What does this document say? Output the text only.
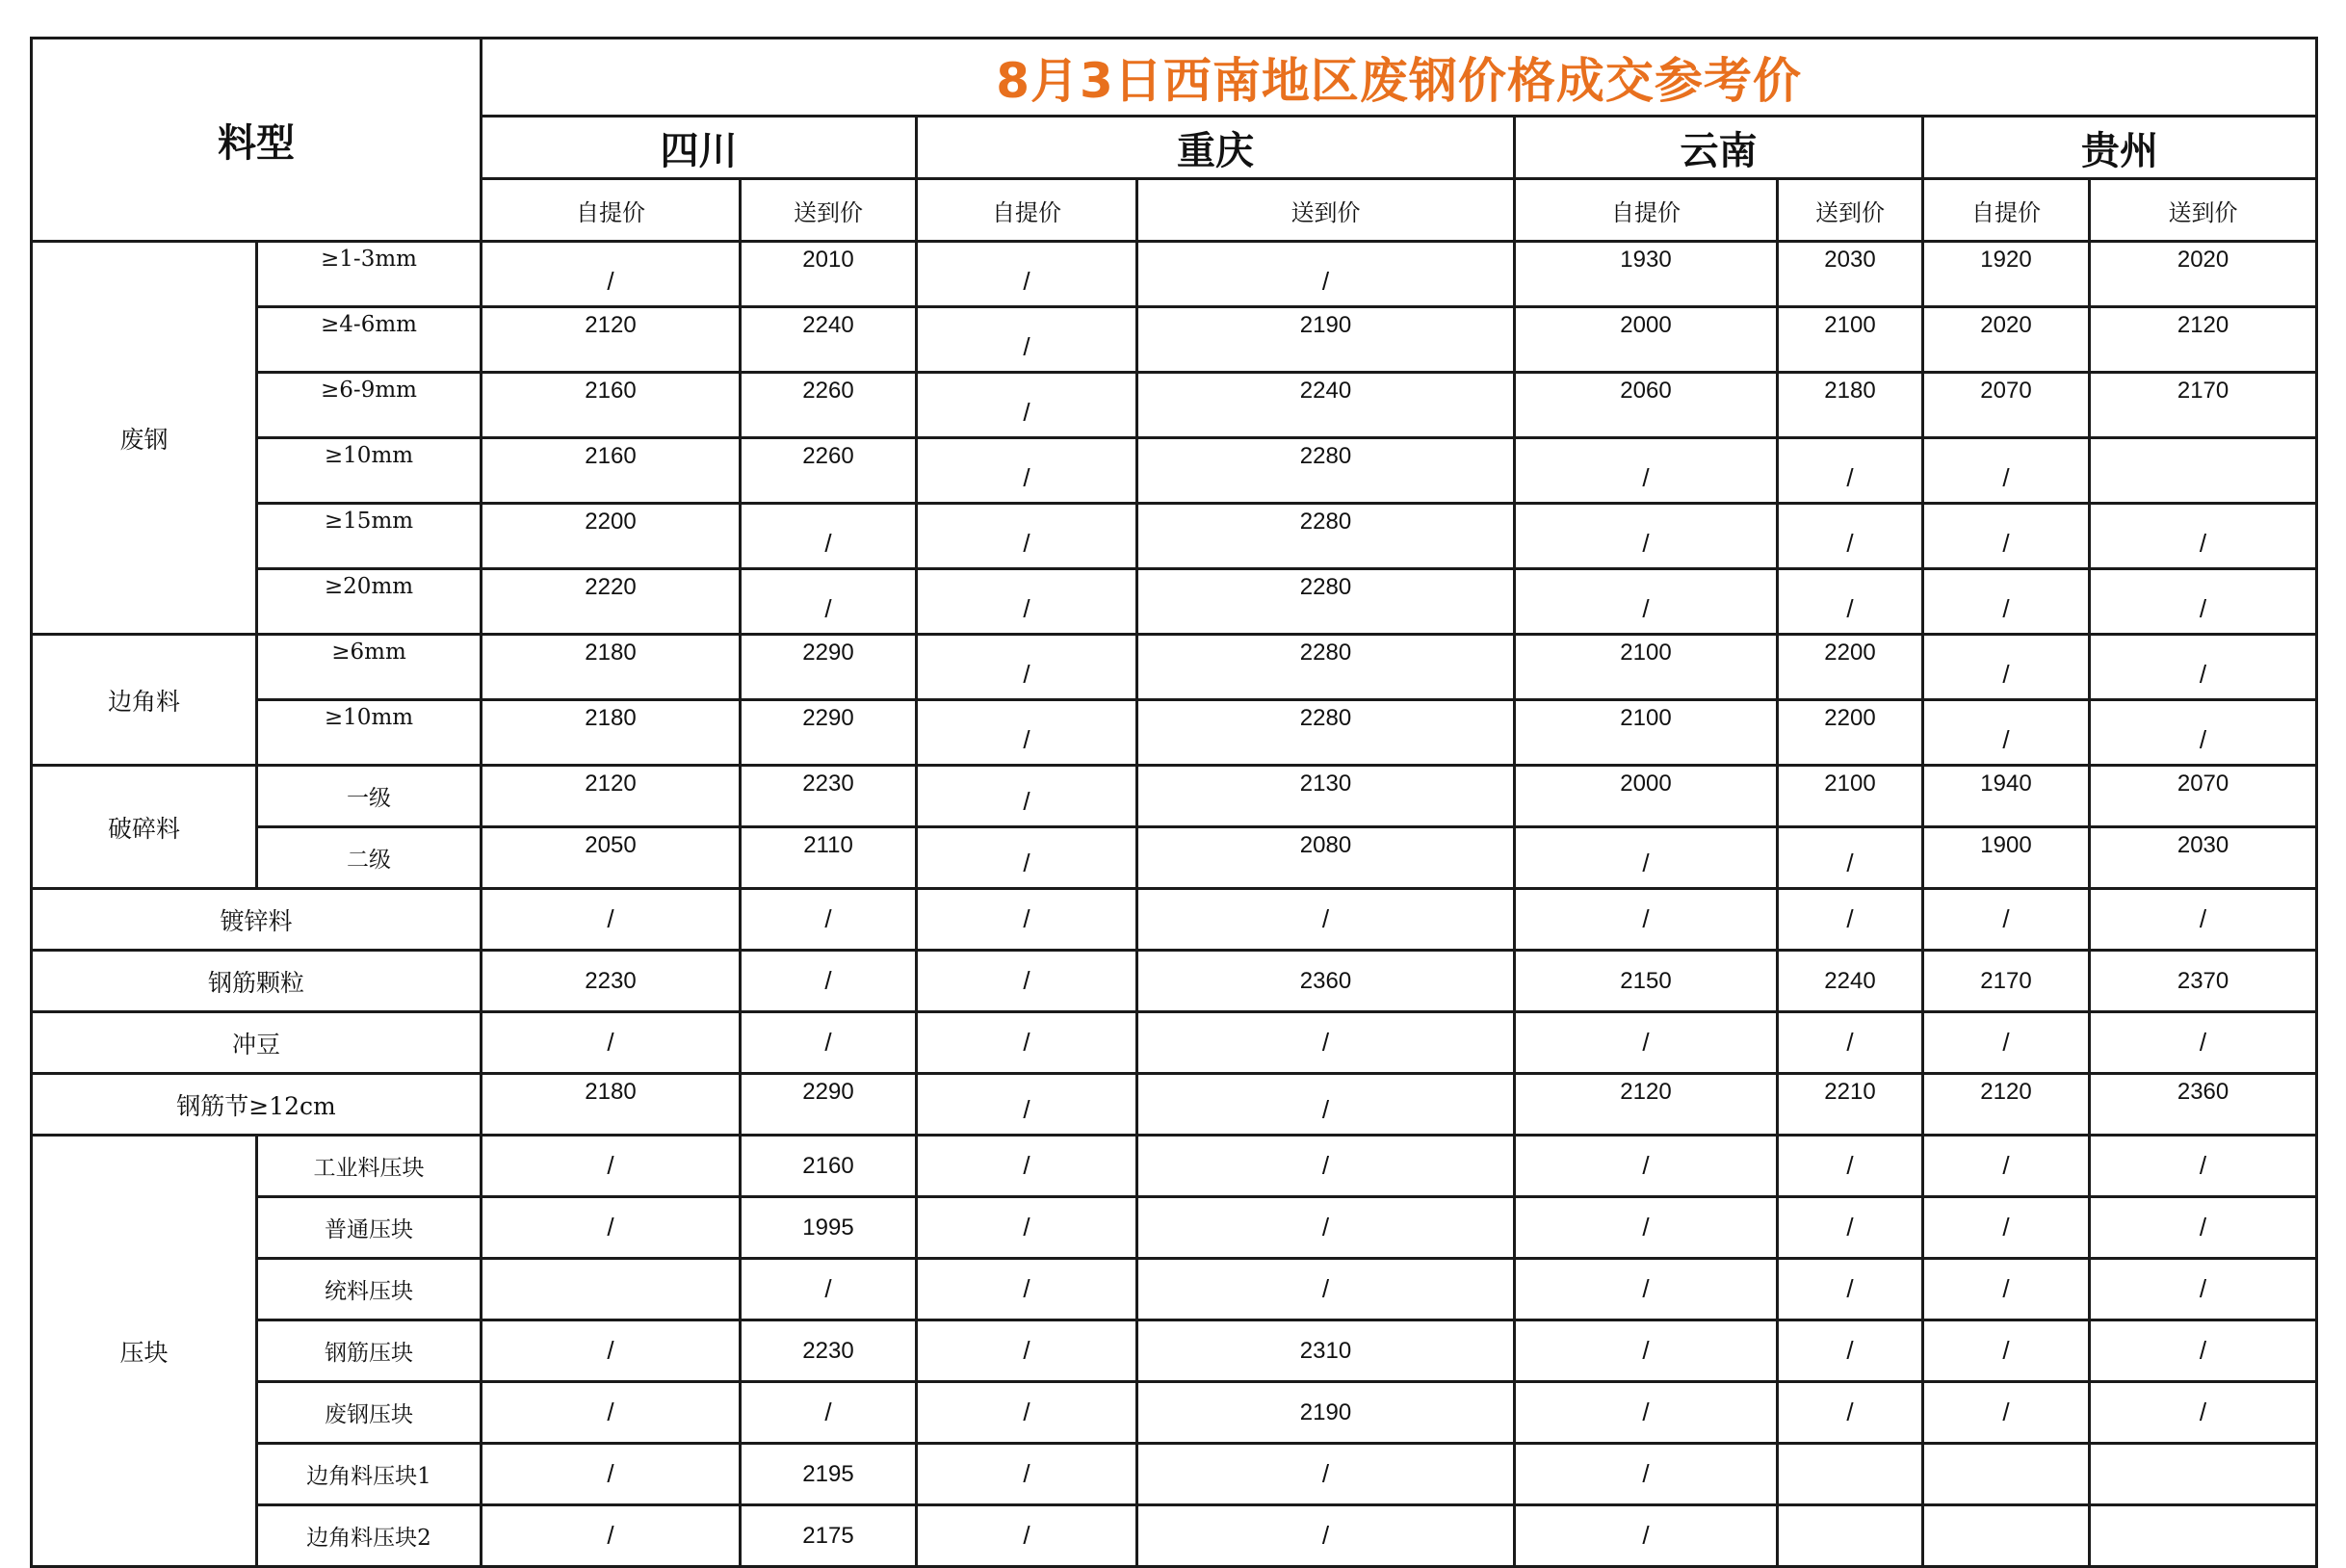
料型		8月3日西南地区废钢价格成交参考价							
		四川		重庆		云南		贵州	
		自提价	送到价	自提价	送到价	自提价	送到价	自提价	送到价
废钢	≥1-3mm	/	2010	/	/	1930	2030	1920	2020

	≥4-6mm	2120	2240	/	2190	2000	2100	2020	2120

	≥6-9mm	2160	2260	/	2240	2060	2180	2070	2170

	≥10mm	2160	2260	/	2280	/	/	/	

	≥15mm	2200	/	/	2280	/	/	/	/

	≥20mm	2220	/	/	2280	/	/	/	/

边角料	≥6mm	2180	2290	/	2280	2100	2200	/	/

	≥10mm	2180	2290	/	2280	2100	2200	/	/

破碎料	一级	2120	2230	/	2130	2000	2100	1940	2070

	二级	2050	2110	/	2080	/	/	1900	2030

镀锌料		/	/	/	/	/	/	/	/

钢筋颗粒		2230	/	/	2360	2150	2240	2170	2370
冲豆		/	/	/	/	/	/	/	/

钢筋节≥12cm		2180	2290	/	/	2120	2210	2120	2360

压块	工业料压块	/	2160	/	/	/	/	/	/

	普通压块	/	1995	/	/	/	/	/	/

	统料压块		/	/	/	/	/	/	/

	钢筋压块	/	2230	/	2310	/	/	/	/

	废钢压块	/	/	/	2190	/	/	/	/

	边角料压块1	/	2195	/	/	/			

	边角料压块2	/	2175	/	/	/			
